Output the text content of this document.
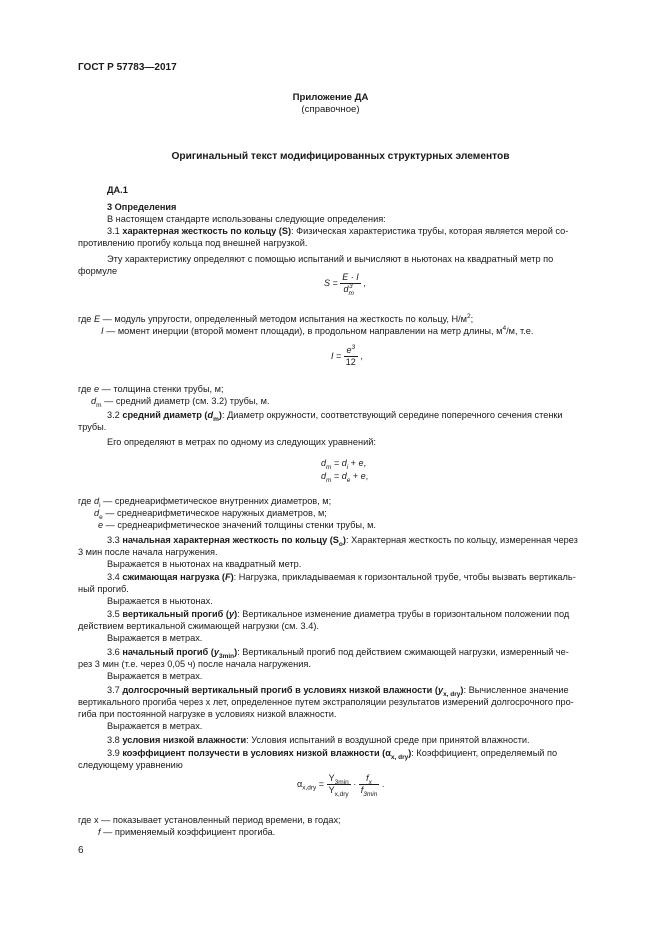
ГОСТ Р 57783—2017
Приложение ДА
(справочное)
Оригинальный текст модифицированных структурных элементов
ДА.1
3 Определения
В настоящем стандарте использованы следующие определения:
3.1 характерная жесткость по кольцу (S): Физическая характеристика трубы, которая является мерой со-
противлению прогибу кольца под внешней нагрузкой.
Эту характеристику определяют с помощью испытаний и вычисляют в ньютонах на квадратный метр по
формуле
$S = \frac{E \cdot I}{d_m^3}$ ,
где E — модуль упругости, определенный методом испытания на жесткость по кольцу, $Н/м^2$;
I — момент инерции (второй момент площади), в продольном направлении на метр длины, $м^4/м$, т.е.
$I = \frac{e^3}{12}$ ,
где e — толщина стенки трубы, м;
$d_m$ — средний диаметр (см. 3.2) трубы, м.
3.2 средний диаметр $(d_m)$: Диаметр окружности, соответствующий середине поперечного сечения стенки
трубы.
Его определяют в метрах по одному из следующих уравнений:
$d_m = d_i + e$,
$d_m = d_e + e$,
где $d_i$ — среднеарифметическое внутренних диаметров, м;
$d_e$ — среднеарифметическое наружных диаметров, м;
e — среднеарифметическое значений толщины стенки трубы, м.
3.3 начальная характерная жесткость по кольцу $(S_o)$: Характерная жесткость по кольцу, измеренная через
3 мин после начала нагружения.
Выражается в ньютонах на квадратный метр.
3.4 сжимающая нагрузка (F): Нагрузка, прикладываемая к горизонтальной трубе, чтобы вызвать вертикаль-
ный прогиб.
Выражается в ньютонах.
3.5 вертикальный прогиб (y): Вертикальное изменение диаметра трубы в горизонтальном положении под
действием вертикальной сжимающей нагрузки (см. 3.4).
Выражается в метрах.
3.6 начальный прогиб $(y_{3min})$: Вертикальный прогиб под действием сжимающей нагрузки, измеренный че-
рез 3 мин (т.е. через 0,05 ч) после начала нагружения.
Выражается в метрах.
3.7 долгосрочный вертикальный прогиб в условиях низкой влажности $(y_{x, dry})$: Вычисленное значение
вертикального прогиба через x лет, определенное путем экстраполяции результатов измерений долгосрочного про-
гиба при постоянной нагрузке в условиях низкой влажности.
Выражается в метрах.
3.8 условия низкой влажности: Условия испытаний в воздушной среде при принятой влажности.
3.9 коэффициент ползучести в условиях низкой влажности $(\alpha_{x, dry})$: Коэффициент, определяемый по
следующему уравнению
$\alpha_{x,dry} = \frac{Y_{3min}}{Y_{x,dry}} \cdot \frac{f_x}{f_{3min}}$ .
где x — показывает установленный период времени, в годах;
f — применяемый коэффициент прогиба.
6
